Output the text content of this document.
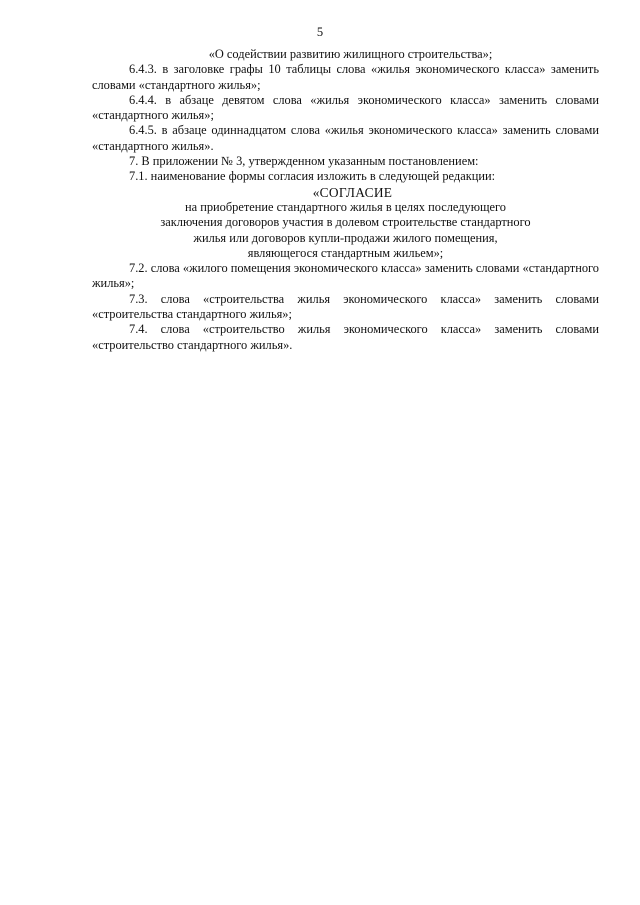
5

«О содействии развитию жилищного строительства»;

6.4.3. в заголовке графы 10 таблицы слова «жилья экономического класса» заменить словами «стандартного жилья»;

6.4.4. в абзаце девятом слова «жилья экономического класса» заменить словами «стандартного жилья»;

6.4.5. в абзаце одиннадцатом слова «жилья экономического класса» заменить словами «стандартного жилья».

7. В приложении № 3, утвержденном указанным постановлением:

7.1. наименование формы согласия изложить в следующей редакции:

«СОГЛАСИЕ
на приобретение стандартного жилья в целях последующего
заключения договоров участия в долевом строительстве стандартного
жилья или договоров купли-продажи жилого помещения,
являющегося стандартным жильем»;

7.2. слова «жилого помещения экономического класса» заменить словами «стандартного жилья»;

7.3. слова «строительства жилья экономического класса» заменить словами «строительства стандартного жилья»;

7.4. слова «строительство жилья экономического класса» заменить словами «строительство стандартного жилья».
